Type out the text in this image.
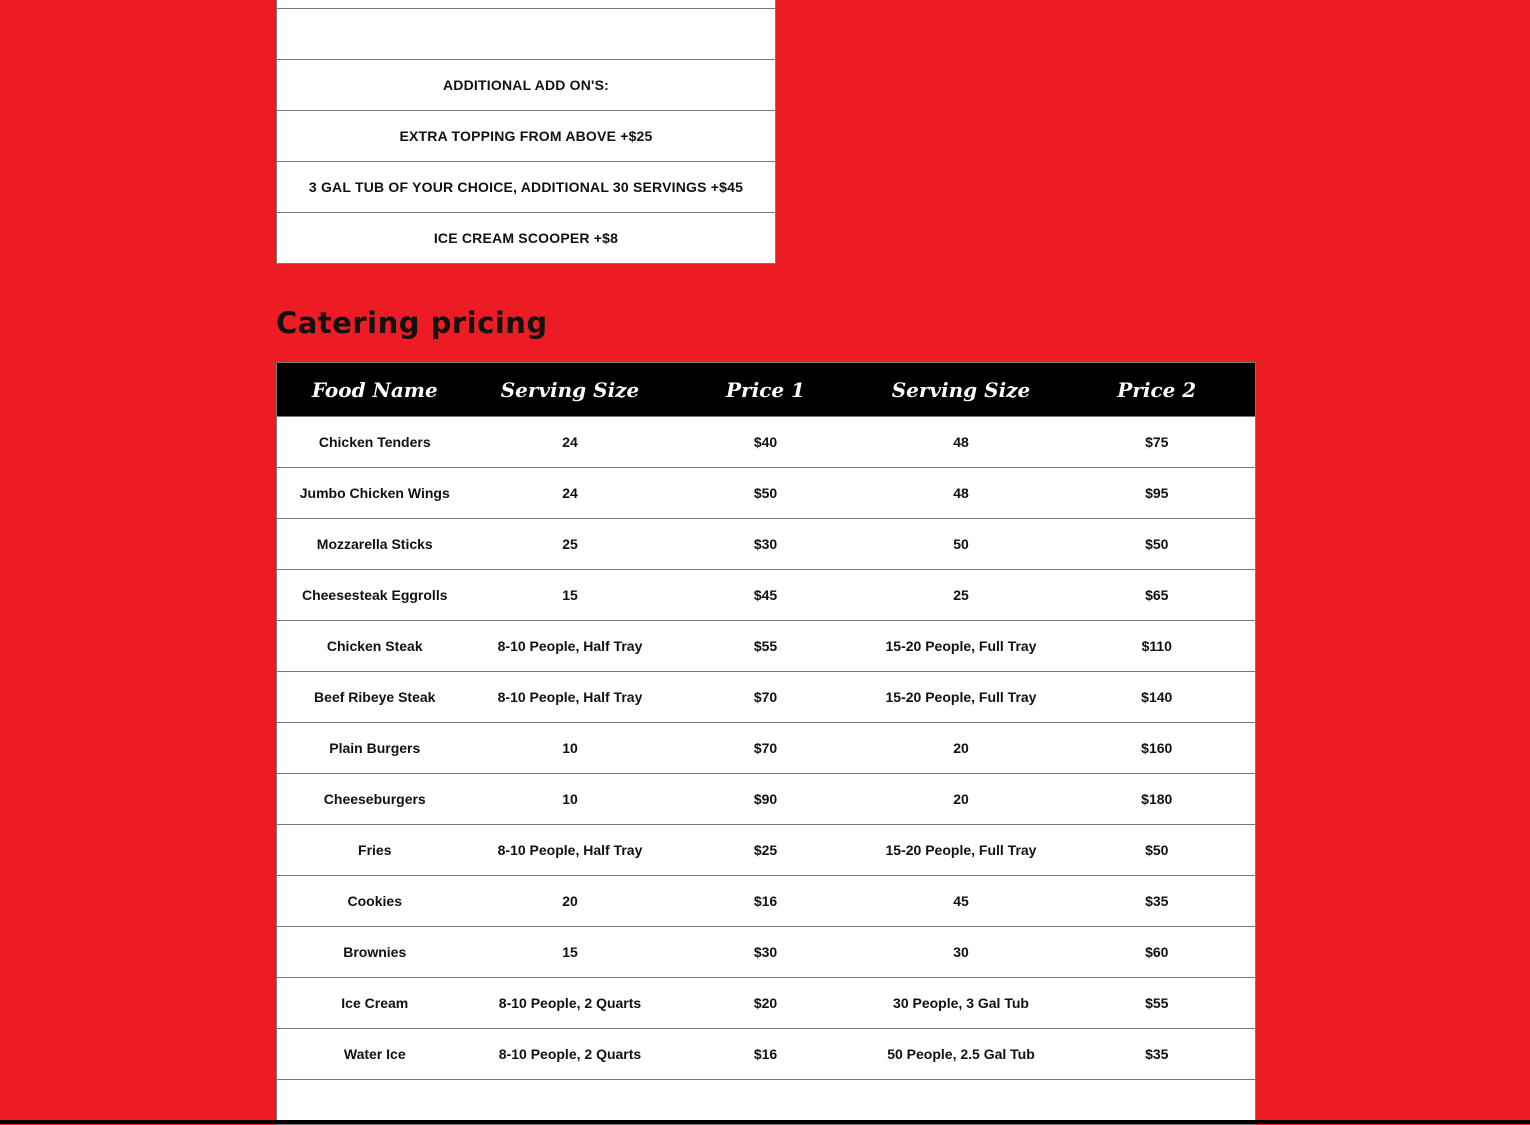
ADDITIONAL ADD ON'S:
EXTRA TOPPING FROM ABOVE +$25
3 GAL TUB OF YOUR CHOICE, ADDITIONAL 30 SERVINGS +$45
ICE CREAM SCOOPER +$8
Catering pricing
Food Name	Serving Size	Price 1	Serving Size	Price 2
Chicken Tenders	24	$40	48	$75
Jumbo Chicken Wings	24	$50	48	$95
Mozzarella Sticks	25	$30	50	$50
Cheesesteak Eggrolls	15	$45	25	$65
Chicken Steak	8-10 People, Half Tray	$55	15-20 People, Full Tray	$110
Beef Ribeye Steak	8-10 People, Half Tray	$70	15-20 People, Full Tray	$140
Plain Burgers	10	$70	20	$160
Cheeseburgers	10	$90	20	$180
Fries	8-10 People, Half Tray	$25	15-20 People, Full Tray	$50
Cookies	20	$16	45	$35
Brownies	15	$30	30	$60
Ice Cream	8-10 People, 2 Quarts	$20	30 People, 3 Gal Tub	$55
Water Ice	8-10 People, 2 Quarts	$16	50 People, 2.5 Gal Tub	$35
